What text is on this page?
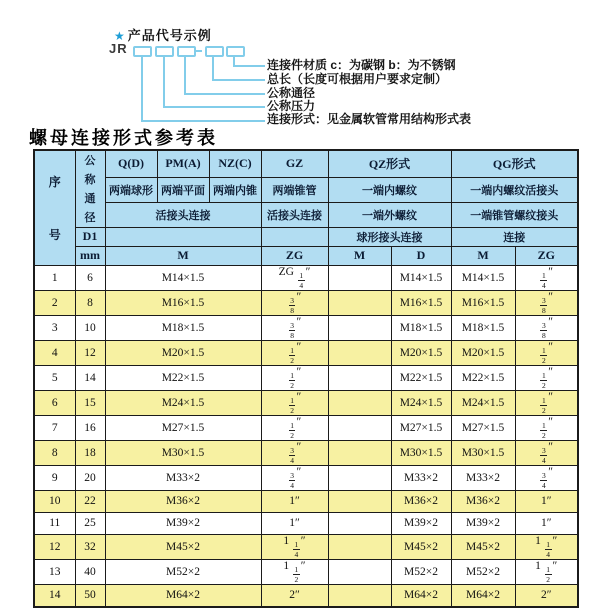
★ 产品代号示例
JR
连接件材质 c：为碳钢 b：为不锈钢
总长（长度可根据用户要求定制）
公称通径
公称压力
连接形式：见金属软管常用结构形式表
螺母连接形式参考表
序
号	公
称
通
径	Q(D)	PM(A)	NZ(C)	GZ	QZ形式		QG形式	
		两端球形	两端平面	两端内锥	两端锥管	一端内螺纹		一端内螺纹活接头	
		活接头连接			活接头连接	一端外螺纹		一端锥管螺纹接头	
	D1					球形接头连接		连接	
	mm	M			ZG	M	D	M	ZG
1	6	M14×1.5			ZG $\frac{1}{4}$ ″		M14×1.5	M14×1.5	$\frac{1}{4}$ ″
2	8	M16×1.5			$\frac{3}{8}$ ″		M16×1.5	M16×1.5	$\frac{3}{8}$ ″
3	10	M18×1.5			$\frac{3}{8}$ ″		M18×1.5	M18×1.5	$\frac{3}{8}$ ″
4	12	M20×1.5			$\frac{1}{2}$ ″		M20×1.5	M20×1.5	$\frac{1}{2}$ ″
5	14	M22×1.5			$\frac{1}{2}$ ″		M22×1.5	M22×1.5	$\frac{1}{2}$ ″
6	15	M24×1.5			$\frac{1}{2}$ ″		M24×1.5	M24×1.5	$\frac{1}{2}$ ″
7	16	M27×1.5			$\frac{1}{2}$ ″		M27×1.5	M27×1.5	$\frac{1}{2}$ ″
8	18	M30×1.5			$\frac{3}{4}$ ″		M30×1.5	M30×1.5	$\frac{3}{4}$ ″
9	20	M33×2			$\frac{3}{4}$ ″		M33×2	M33×2	$\frac{3}{4}$ ″
10	22	M36×2			1″		M36×2	M36×2	1″
11	25	M39×2			1″		M39×2	M39×2	1″
12	32	M45×2			$1 \frac{1}{4}$ ″		M45×2	M45×2	$1 \frac{1}{4}$ ″
13	40	M52×2			$1 \frac{1}{2}$ ″		M52×2	M52×2	$1 \frac{1}{2}$ ″
14	50	M64×2			2″		M64×2	M64×2	2″
